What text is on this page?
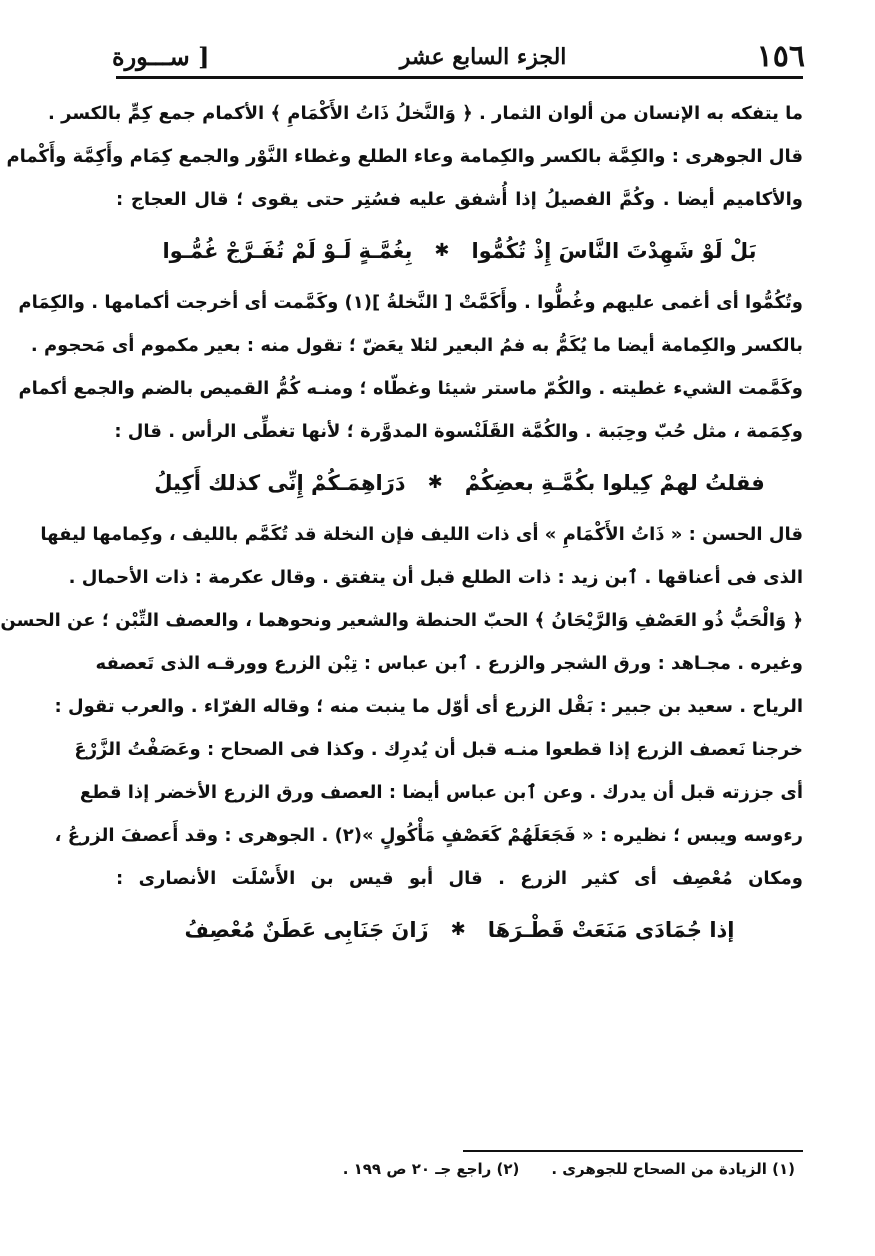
١٥٦
الجزء السابع عشر
[ ســـورة
ما يتفكه به الإنسان من ألوان الثمار . ﴿ وَالنَّخلُ ذَاتُ الأَكْمَامِ ﴾ الأكمام جمع كِمٍّ بالكسر .
قال الجوهرى : والكِمَّة بالكسر والكِمامة وعاء الطلع وغطاء النَّوْر والجمع كِمَام وأَكِمَّة وأَكْمام
والأكاميم أيضا . وكُمَّ الفصيلُ إذا أُشفق عليه فسُتِر حتى يقوى ؛ قال العجاج :
بَلْ لَوْ شَهِدْتَ النَّاسَ إِذْ تُكُمُّوا
✱
بِغُمَّـةٍ لَـوْ لَمْ تُفَـرَّجْ غُمُّـوا
وتُكُمُّوا أى أغمى عليهم وغُطُّوا . وأَكَمَّتْ [ النَّخلةُ ](١) وكَمَّمت أى أخرجت أكمامها . والكِمَام
بالكسر والكِمامة أيضا ما يُكَمُّ به فمُ البعير لئلا يعَضّ ؛ تقول منه : بعير مكموم أى مَحجوم .
وكَمَّمت الشيء غطيته . والكُمّ ماستر شيئا وغطّاه ؛ ومنـه كُمُّ القميص بالضم والجمع أكمام
وكِمَمة ، مثل حُبّ وحِبَبة . والكُمَّة القَلَنْسوة المدوَّرة ؛ لأنها تغطِّى الرأس . قال :
فقلتُ لهمْ كِيلوا بكُمَّـةِ بعضِكُمْ
✱
دَرَاهِمَـكُمْ إِنِّى كذلك أَكِيلُ
قال الحسن : « ذَاتُ الأَكْمَامِ » أى ذات الليف فإن النخلة قد تُكَمَّم بالليف ، وكِمامها ليفها
الذى فى أعناقها . ٱبن زيد : ذات الطلع قبل أن يتفتق . وقال عكرمة : ذات الأحمال .
﴿ وَالْحَبُّ ذُو العَصْفِ وَالرَّيْحَانُ ﴾ الحبّ الحنطة والشعير ونحوهما ، والعصف التِّبْن ؛ عن الحسن
وغيره . مجـاهد : ورق الشجر والزرع . ٱبن عباس : تِبْن الزرع وورقـه الذى تَعصفه
الرياح . سعيد بن جبير : بَقْل الزرع أى أوّل ما ينبت منه ؛ وقاله الفرّاء . والعرب تقول :
خرجنا نَعصف الزرع إذا قطعوا منـه قبل أن يُدرِك . وكذا فى الصحاح : وعَصَفْتُ الزَّرْعَ
أى جززته قبل أن يدرك . وعن ٱبن عباس أيضا : العصف ورق الزرع الأخضر إذا قطع
رءوسه ويبس ؛ نظيره : « فَجَعَلَهُمْ كَعَصْفٍ مَأْكُولٍ »(٢) . الجوهرى : وقد أَعصفَ الزرعُ ،
ومكان مُعْصِف أى كثير الزرع . قال أبو قيس بن الأَسْلَت الأنصارى :
إذا جُمَادَى مَنَعَتْ قَطْـرَهَا
✱
زَانَ جَنَابِى عَطَنٌ مُعْصِفُ
(١) الزيادة من الصحاح للجوهرى .
(٢) راجع جـ ٢٠ ص ١٩٩ .
